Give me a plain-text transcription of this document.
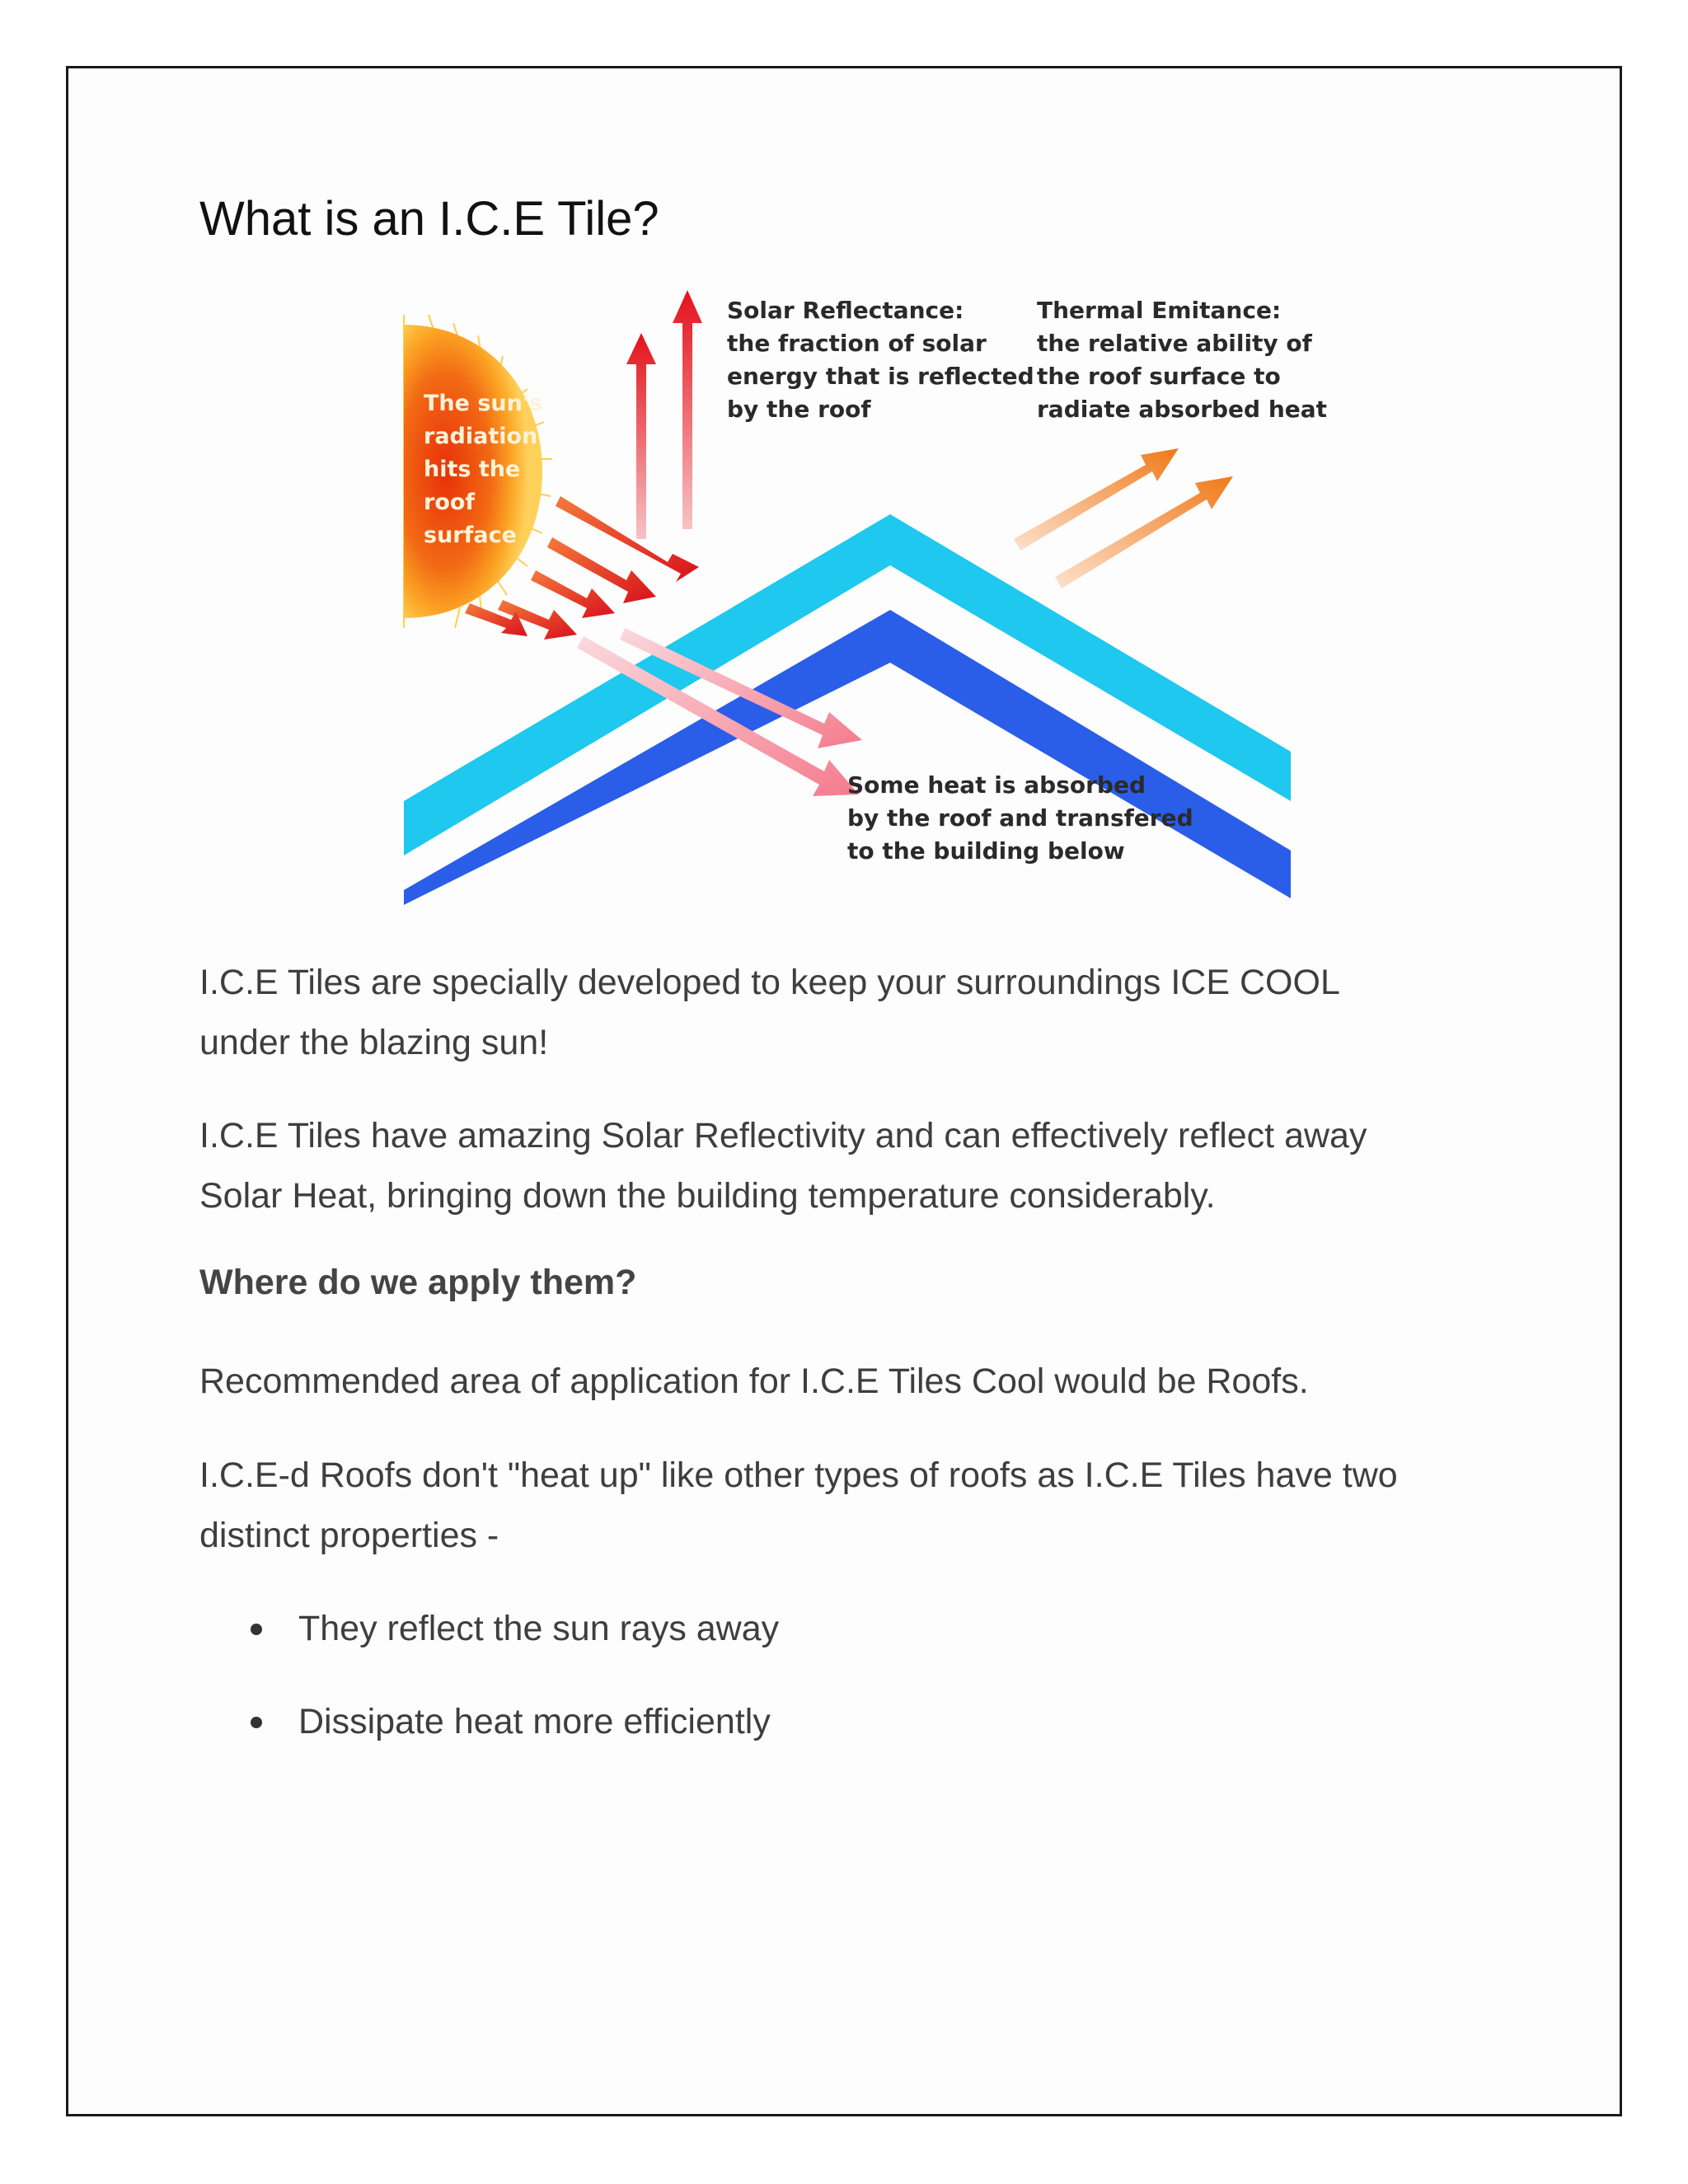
What is an I.C.E Tile?
The sun's
radiation
hits the
roof
surface
Solar Reflectance:
the fraction of solar
energy that is reflected
by the roof
Thermal Emitance:
the relative ability of
the roof surface to
radiate absorbed heat
Some heat is absorbed
by the roof and transfered
to the building below

I.C.E Tiles are specially developed to keep your surroundings ICE COOL
under the blazing sun!

I.C.E Tiles have amazing Solar Reflectivity and can effectively reflect away
Solar Heat, bringing down the building temperature considerably.

Where do we apply them?

Recommended area of application for I.C.E Tiles Cool would be Roofs.

I.C.E-d Roofs don't "heat up" like other types of roofs as I.C.E Tiles have two
distinct properties -

They reflect the sun rays away
Dissipate heat more efficiently
